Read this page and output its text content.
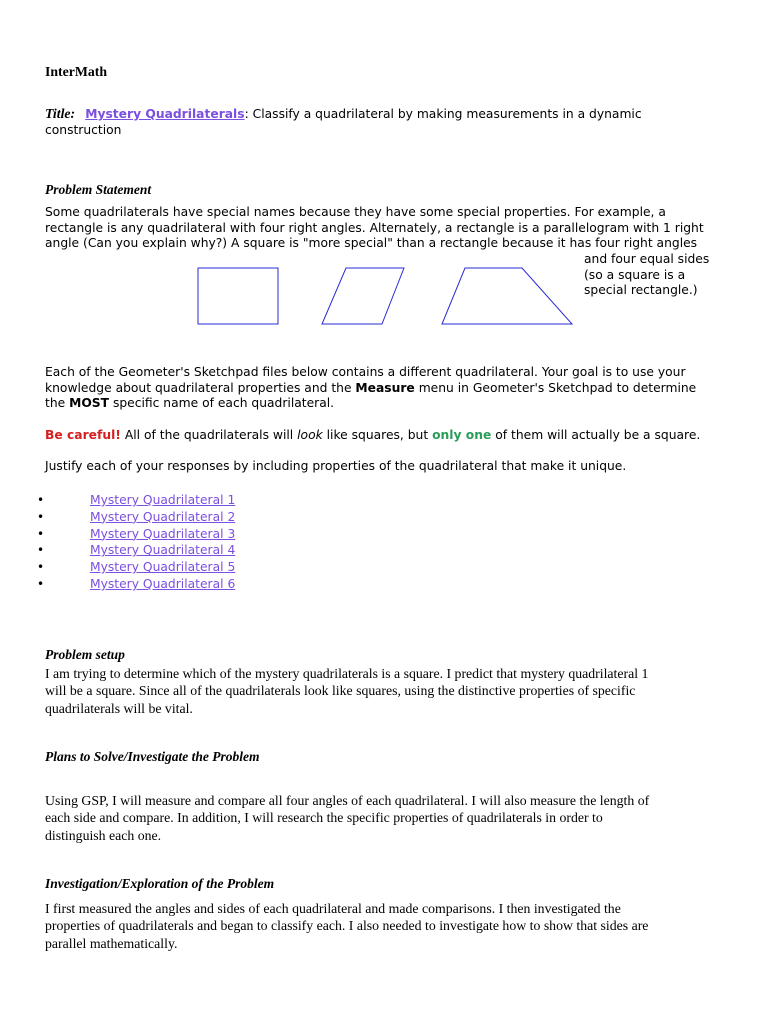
InterMath
Title: Mystery Quadrilaterals: Classify a quadrilateral by making measurements in a dynamic
construction
Problem Statement
Some quadrilaterals have special names because they have some special properties. For example, a
rectangle is any quadrilateral with four right angles. Alternately, a rectangle is a parallelogram with 1 right
angle (Can you explain why?) A square is "more special" than a rectangle because it has four right angles
and four equal sides
(so a square is a
special rectangle.)
Each of the Geometer's Sketchpad files below contains a different quadrilateral. Your goal is to use your
knowledge about quadrilateral properties and the Measure menu in Geometer's Sketchpad to determine
the MOST specific name of each quadrilateral.
Be careful! All of the quadrilaterals will look like squares, but only one of them will actually be a square.
Justify each of your responses by including properties of the quadrilateral that make it unique.
•	Mystery Quadrilateral 1
•	Mystery Quadrilateral 2
•	Mystery Quadrilateral 3
•	Mystery Quadrilateral 4
•	Mystery Quadrilateral 5
•	Mystery Quadrilateral 6
Problem setup
I am trying to determine which of the mystery quadrilaterals is a square. I predict that mystery quadrilateral 1
will be a square. Since all of the quadrilaterals look like squares, using the distinctive properties of specific
quadrilaterals will be vital.
Plans to Solve/Investigate the Problem
Using GSP, I will measure and compare all four angles of each quadrilateral. I will also measure the length of
each side and compare. In addition, I will research the specific properties of quadrilaterals in order to
distinguish each one.
Investigation/Exploration of the Problem
I first measured the angles and sides of each quadrilateral and made comparisons. I then investigated the
properties of quadrilaterals and began to classify each. I also needed to investigate how to show that sides are
parallel mathematically.
